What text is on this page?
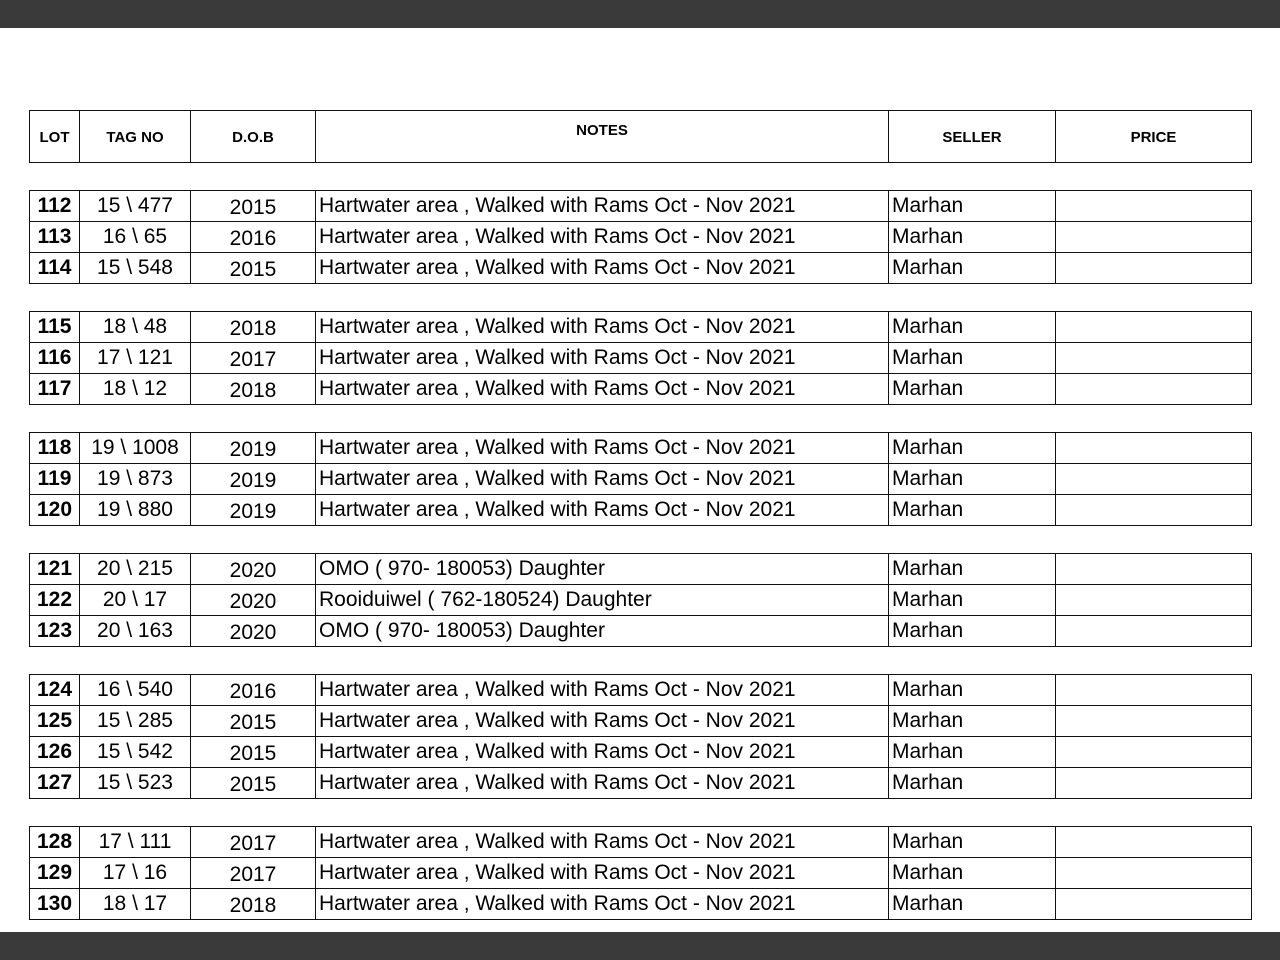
LOT	TAG NO	D.O.B	NOTES	SELLER	PRICE
112	15 \ 477	2015	Hartwater area , Walked with Rams Oct - Nov 2021	Marhan	
113	16 \ 65	2016	Hartwater area , Walked with Rams Oct - Nov 2021	Marhan	
114	15 \ 548	2015	Hartwater area , Walked with Rams Oct - Nov 2021	Marhan	
115	18 \ 48	2018	Hartwater area , Walked with Rams Oct - Nov 2021	Marhan	
116	17 \ 121	2017	Hartwater area , Walked with Rams Oct - Nov 2021	Marhan	
117	18 \ 12	2018	Hartwater area , Walked with Rams Oct - Nov 2021	Marhan	
118	19 \ 1008	2019	Hartwater area , Walked with Rams Oct - Nov 2021	Marhan	
119	19 \ 873	2019	Hartwater area , Walked with Rams Oct - Nov 2021	Marhan	
120	19 \ 880	2019	Hartwater area , Walked with Rams Oct - Nov 2021	Marhan	
121	20 \ 215	2020	OMO ( 970- 180053) Daughter	Marhan	
122	20 \ 17	2020	Rooiduiwel ( 762-180524) Daughter	Marhan	
123	20 \ 163	2020	OMO ( 970- 180053) Daughter	Marhan	
124	16 \ 540	2016	Hartwater area , Walked with Rams Oct - Nov 2021	Marhan	
125	15 \ 285	2015	Hartwater area , Walked with Rams Oct - Nov 2021	Marhan	
126	15 \ 542	2015	Hartwater area , Walked with Rams Oct - Nov 2021	Marhan	
127	15 \ 523	2015	Hartwater area , Walked with Rams Oct - Nov 2021	Marhan	
128	17 \ 111	2017	Hartwater area , Walked with Rams Oct - Nov 2021	Marhan	
129	17 \ 16	2017	Hartwater area , Walked with Rams Oct - Nov 2021	Marhan	
130	18 \ 17	2018	Hartwater area , Walked with Rams Oct - Nov 2021	Marhan	
